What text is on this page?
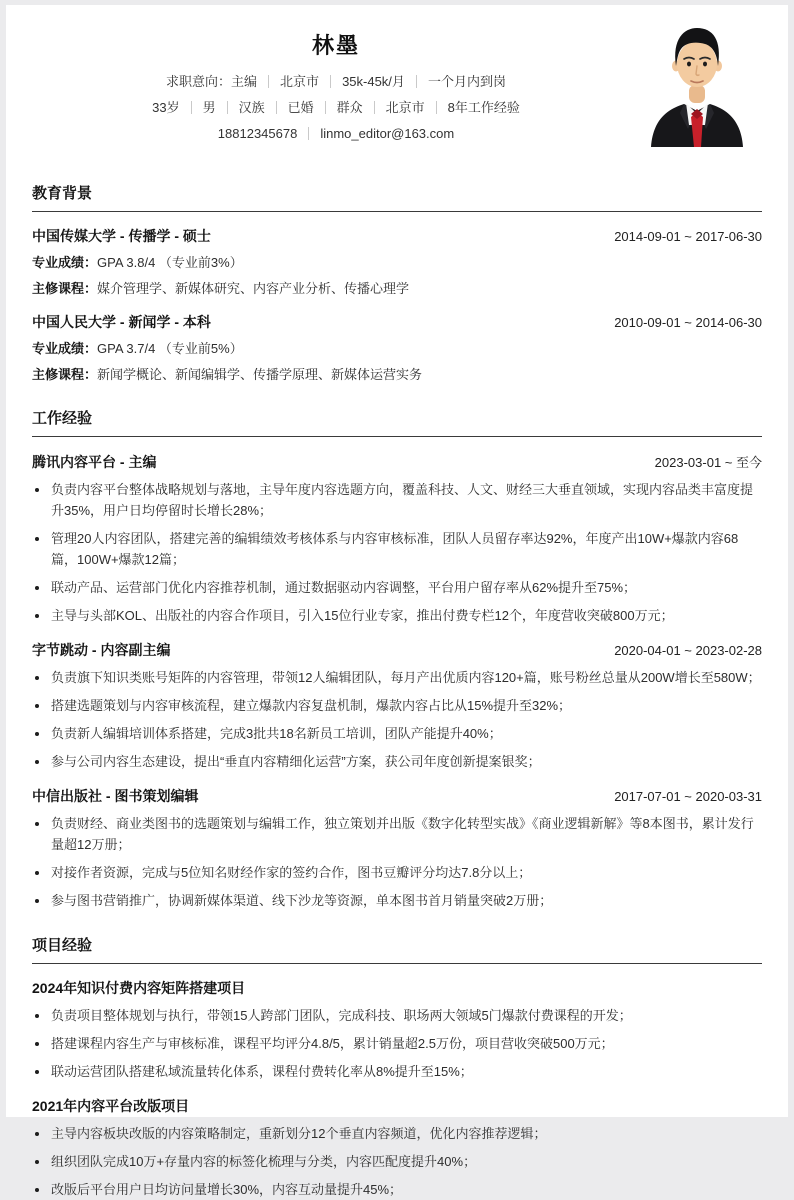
林墨
求职意向：主编 北京市 35k-45k/月 一个月内到岗
33岁 男 汉族 已婚 群众 北京市 8年工作经验
18812345678 linmo_editor@163.com
教育背景
中国传媒大学 - 传播学 - 硕士	2014-09-01 ~ 2017-06-30
专业成绩：GPA 3.8/4 （专业前3%）
主修课程：媒介管理学、新媒体研究、内容产业分析、传播心理学
中国人民大学 - 新闻学 - 本科	2010-09-01 ~ 2014-06-30
专业成绩：GPA 3.7/4 （专业前5%）
主修课程：新闻学概论、新闻编辑学、传播学原理、新媒体运营实务
工作经验
腾讯内容平台 - 主编	2023-03-01 ~ 至今
负责内容平台整体战略规划与落地，主导年度内容选题方向，覆盖科技、人文、财经三大垂直领域，实现内容品类丰富度提升35%，用户日均停留时长增长28%；
管理20人内容团队，搭建完善的编辑绩效考核体系与内容审核标准，团队人员留存率达92%，年度产出10W+爆款内容68篇，100W+爆款12篇；
联动产品、运营部门优化内容推荐机制，通过数据驱动内容调整，平台用户留存率从62%提升至75%；
主导与头部KOL、出版社的内容合作项目，引入15位行业专家，推出付费专栏12个，年度营收突破800万元；
字节跳动 - 内容副主编	2020-04-01 ~ 2023-02-28
负责旗下知识类账号矩阵的内容管理，带领12人编辑团队，每月产出优质内容120+篇，账号粉丝总量从200W增长至580W；
搭建选题策划与内容审核流程，建立爆款内容复盘机制，爆款内容占比从15%提升至32%；
负责新人编辑培训体系搭建，完成3批共18名新员工培训，团队产能提升40%；
参与公司内容生态建设，提出“垂直内容精细化运营”方案，获公司年度创新提案银奖；
中信出版社 - 图书策划编辑	2017-07-01 ~ 2020-03-31
负责财经、商业类图书的选题策划与编辑工作，独立策划并出版《数字化转型实战》《商业逻辑新解》等8本图书，累计发行量超12万册；
对接作者资源，完成与5位知名财经作家的签约合作，图书豆瓣评分均达7.8分以上；
参与图书营销推广，协调新媒体渠道、线下沙龙等资源，单本图书首月销量突破2万册；
项目经验
2024年知识付费内容矩阵搭建项目
负责项目整体规划与执行，带领15人跨部门团队，完成科技、职场两大领域5门爆款付费课程的开发；
搭建课程内容生产与审核标准，课程平均评分4.8/5，累计销量超2.5万份，项目营收突破500万元；
联动运营团队搭建私域流量转化体系，课程付费转化率从8%提升至15%；
2021年内容平台改版项目
主导内容板块改版的内容策略制定，重新划分12个垂直内容频道，优化内容推荐逻辑；
组织团队完成10万+存量内容的标签化梳理与分类，内容匹配度提升40%；
改版后平台用户日均访问量增长30%，内容互动量提升45%；
